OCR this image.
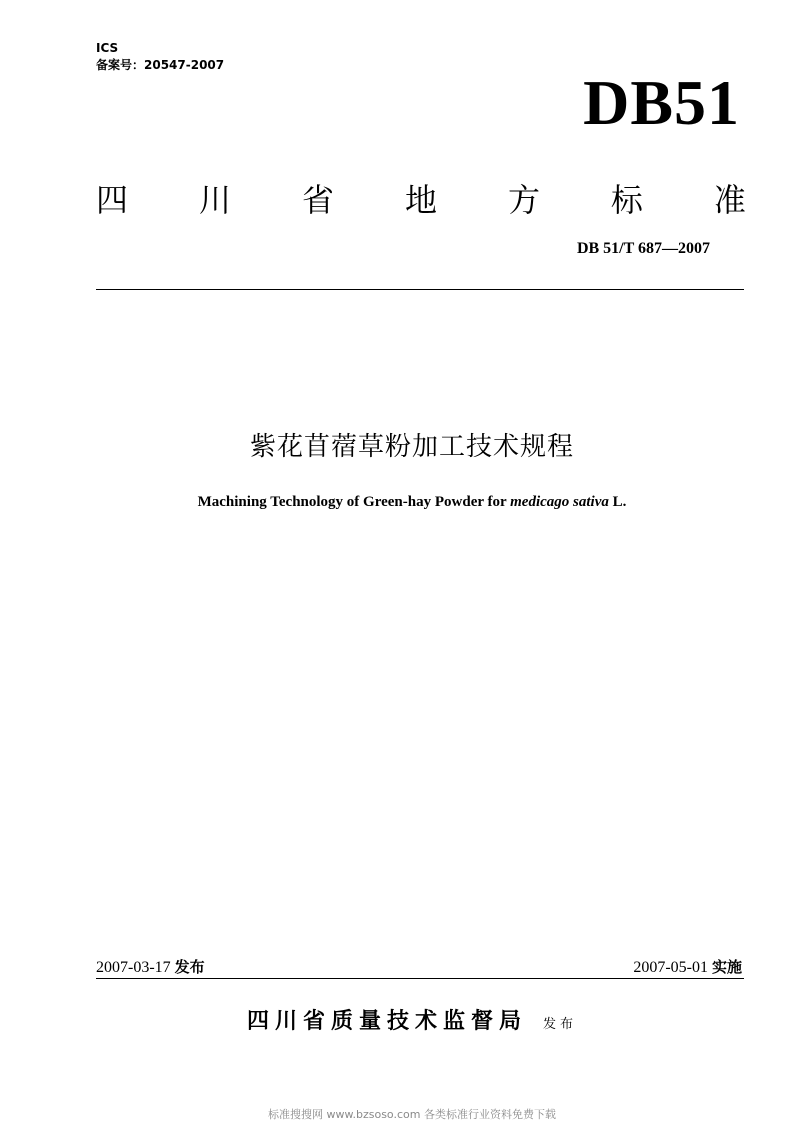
ICS
备案号：20547-2007
DB51
四 川 省 地 方 标 准
DB 51/T 687—2007
紫花苜蓿草粉加工技术规程
Machining Technology of Green-hay Powder for medicago sativa L.
2007-03-17 发布	2007-05-01 实施
四川省质量技术监督局 发布
标准搜搜网 www.bzsoso.com 各类标准行业资料免费下载
